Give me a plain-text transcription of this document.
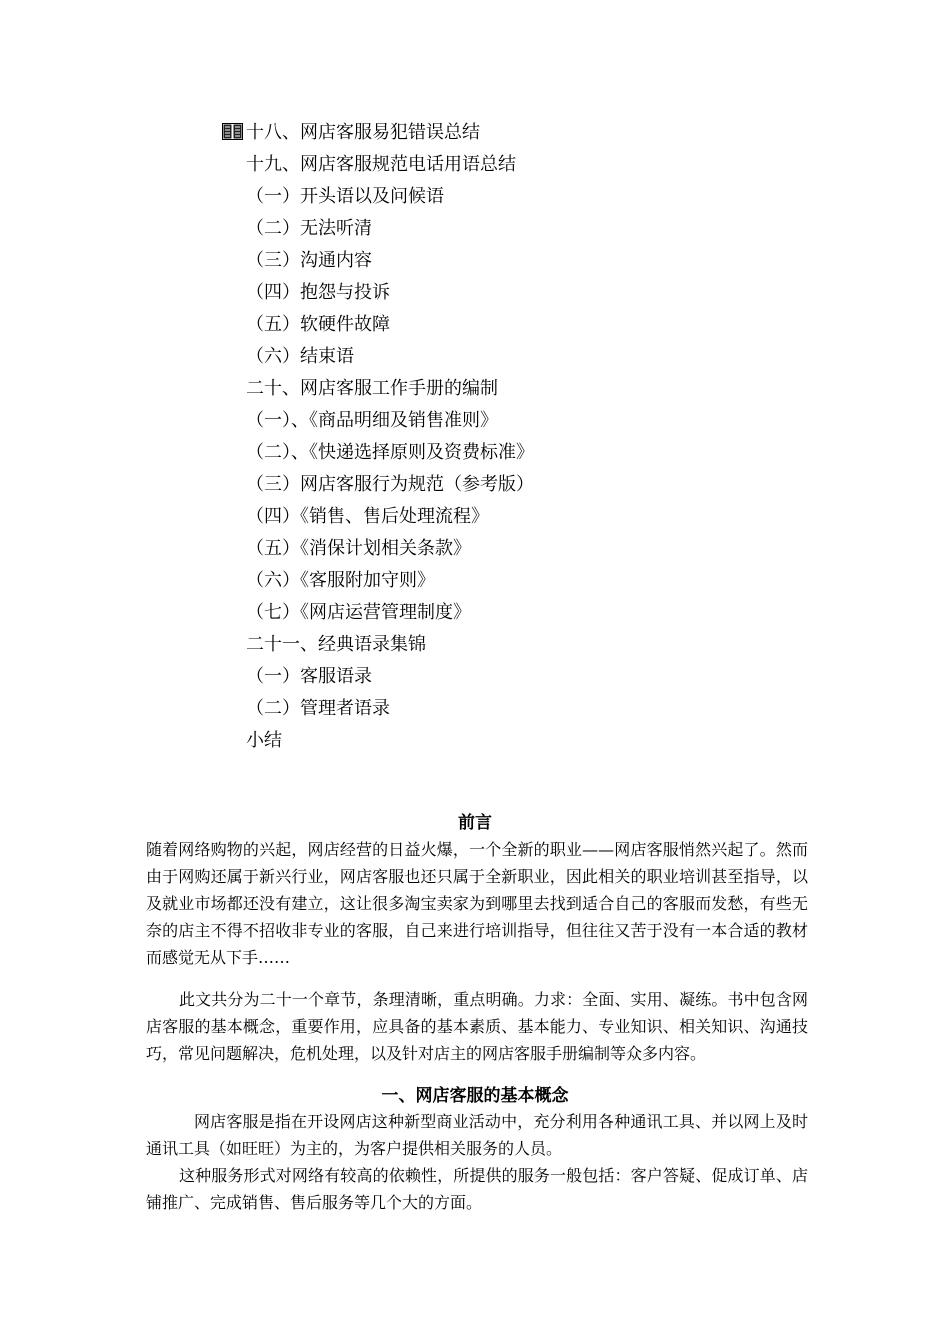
十八、网店客服易犯错误总结
十九、网店客服规范电话用语总结
（一）开头语以及问候语
（二）无法听清
（三）沟通内容
（四）抱怨与投诉
（五）软硬件故障
（六）结束语
二十、网店客服工作手册的编制
（一）、《商品明细及销售准则》
（二）、《快递选择原则及资费标准》
（三）网店客服行为规范（参考版）
（四）《销售、售后处理流程》
（五）《消保计划相关条款》
（六）《客服附加守则》
（七）《网店运营管理制度》
二十一、经典语录集锦
（一）客服语录
（二）管理者语录
小结
前言

随着网络购物的兴起，网店经营的日益火爆，一个全新的职业——网店客服悄然兴起了。然而由于网购还属于新兴行业，网店客服也还只属于全新职业，因此相关的职业培训甚至指导，以及就业市场都还没有建立，这让很多淘宝卖家为到哪里去找到适合自己的客服而发愁，有些无奈的店主不得不招收非专业的客服，自己来进行培训指导，但往往又苦于没有一本合适的教材而感觉无从下手……

此文共分为二十一个章节，条理清晰，重点明确。力求：全面、实用、凝练。书中包含网店客服的基本概念，重要作用，应具备的基本素质、基本能力、专业知识、相关知识、沟通技巧，常见问题解决，危机处理，以及针对店主的网店客服手册编制等众多内容。

一、网店客服的基本概念

网店客服是指在开设网店这种新型商业活动中，充分利用各种通讯工具、并以网上及时通讯工具（如旺旺）为主的，为客户提供相关服务的人员。

这种服务形式对网络有较高的依赖性，所提供的服务一般包括：客户答疑、促成订单、店铺推广、完成销售、售后服务等几个大的方面。
